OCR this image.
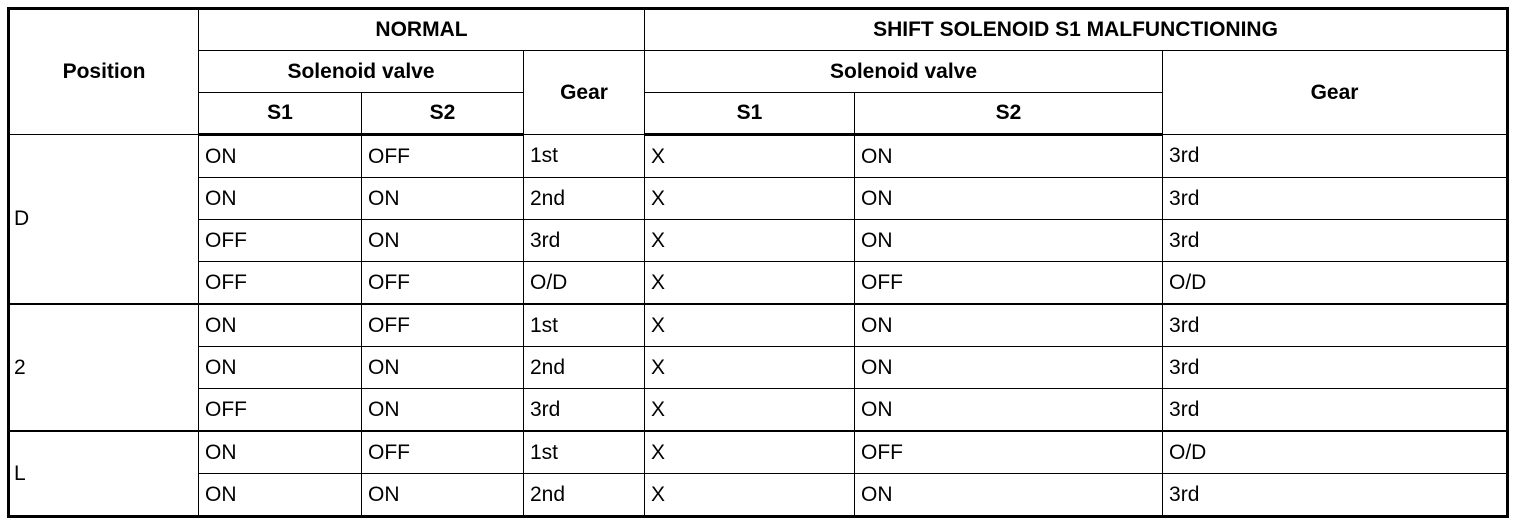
Position	NORMAL			SHIFT SOLENOID S1 MALFUNCTIONING		
	Solenoid valve		Gear	Solenoid valve		Gear
	S1	S2		S1	S2	
D	ON	OFF	1st	X	ON	3rd
	ON	ON	2nd	X	ON	3rd
	OFF	ON	3rd	X	ON	3rd
	OFF	OFF	O/D	X	OFF	O/D
2	ON	OFF	1st	X	ON	3rd
	ON	ON	2nd	X	ON	3rd
	OFF	ON	3rd	X	ON	3rd
L	ON	OFF	1st	X	OFF	O/D
	ON	ON	2nd	X	ON	3rd
